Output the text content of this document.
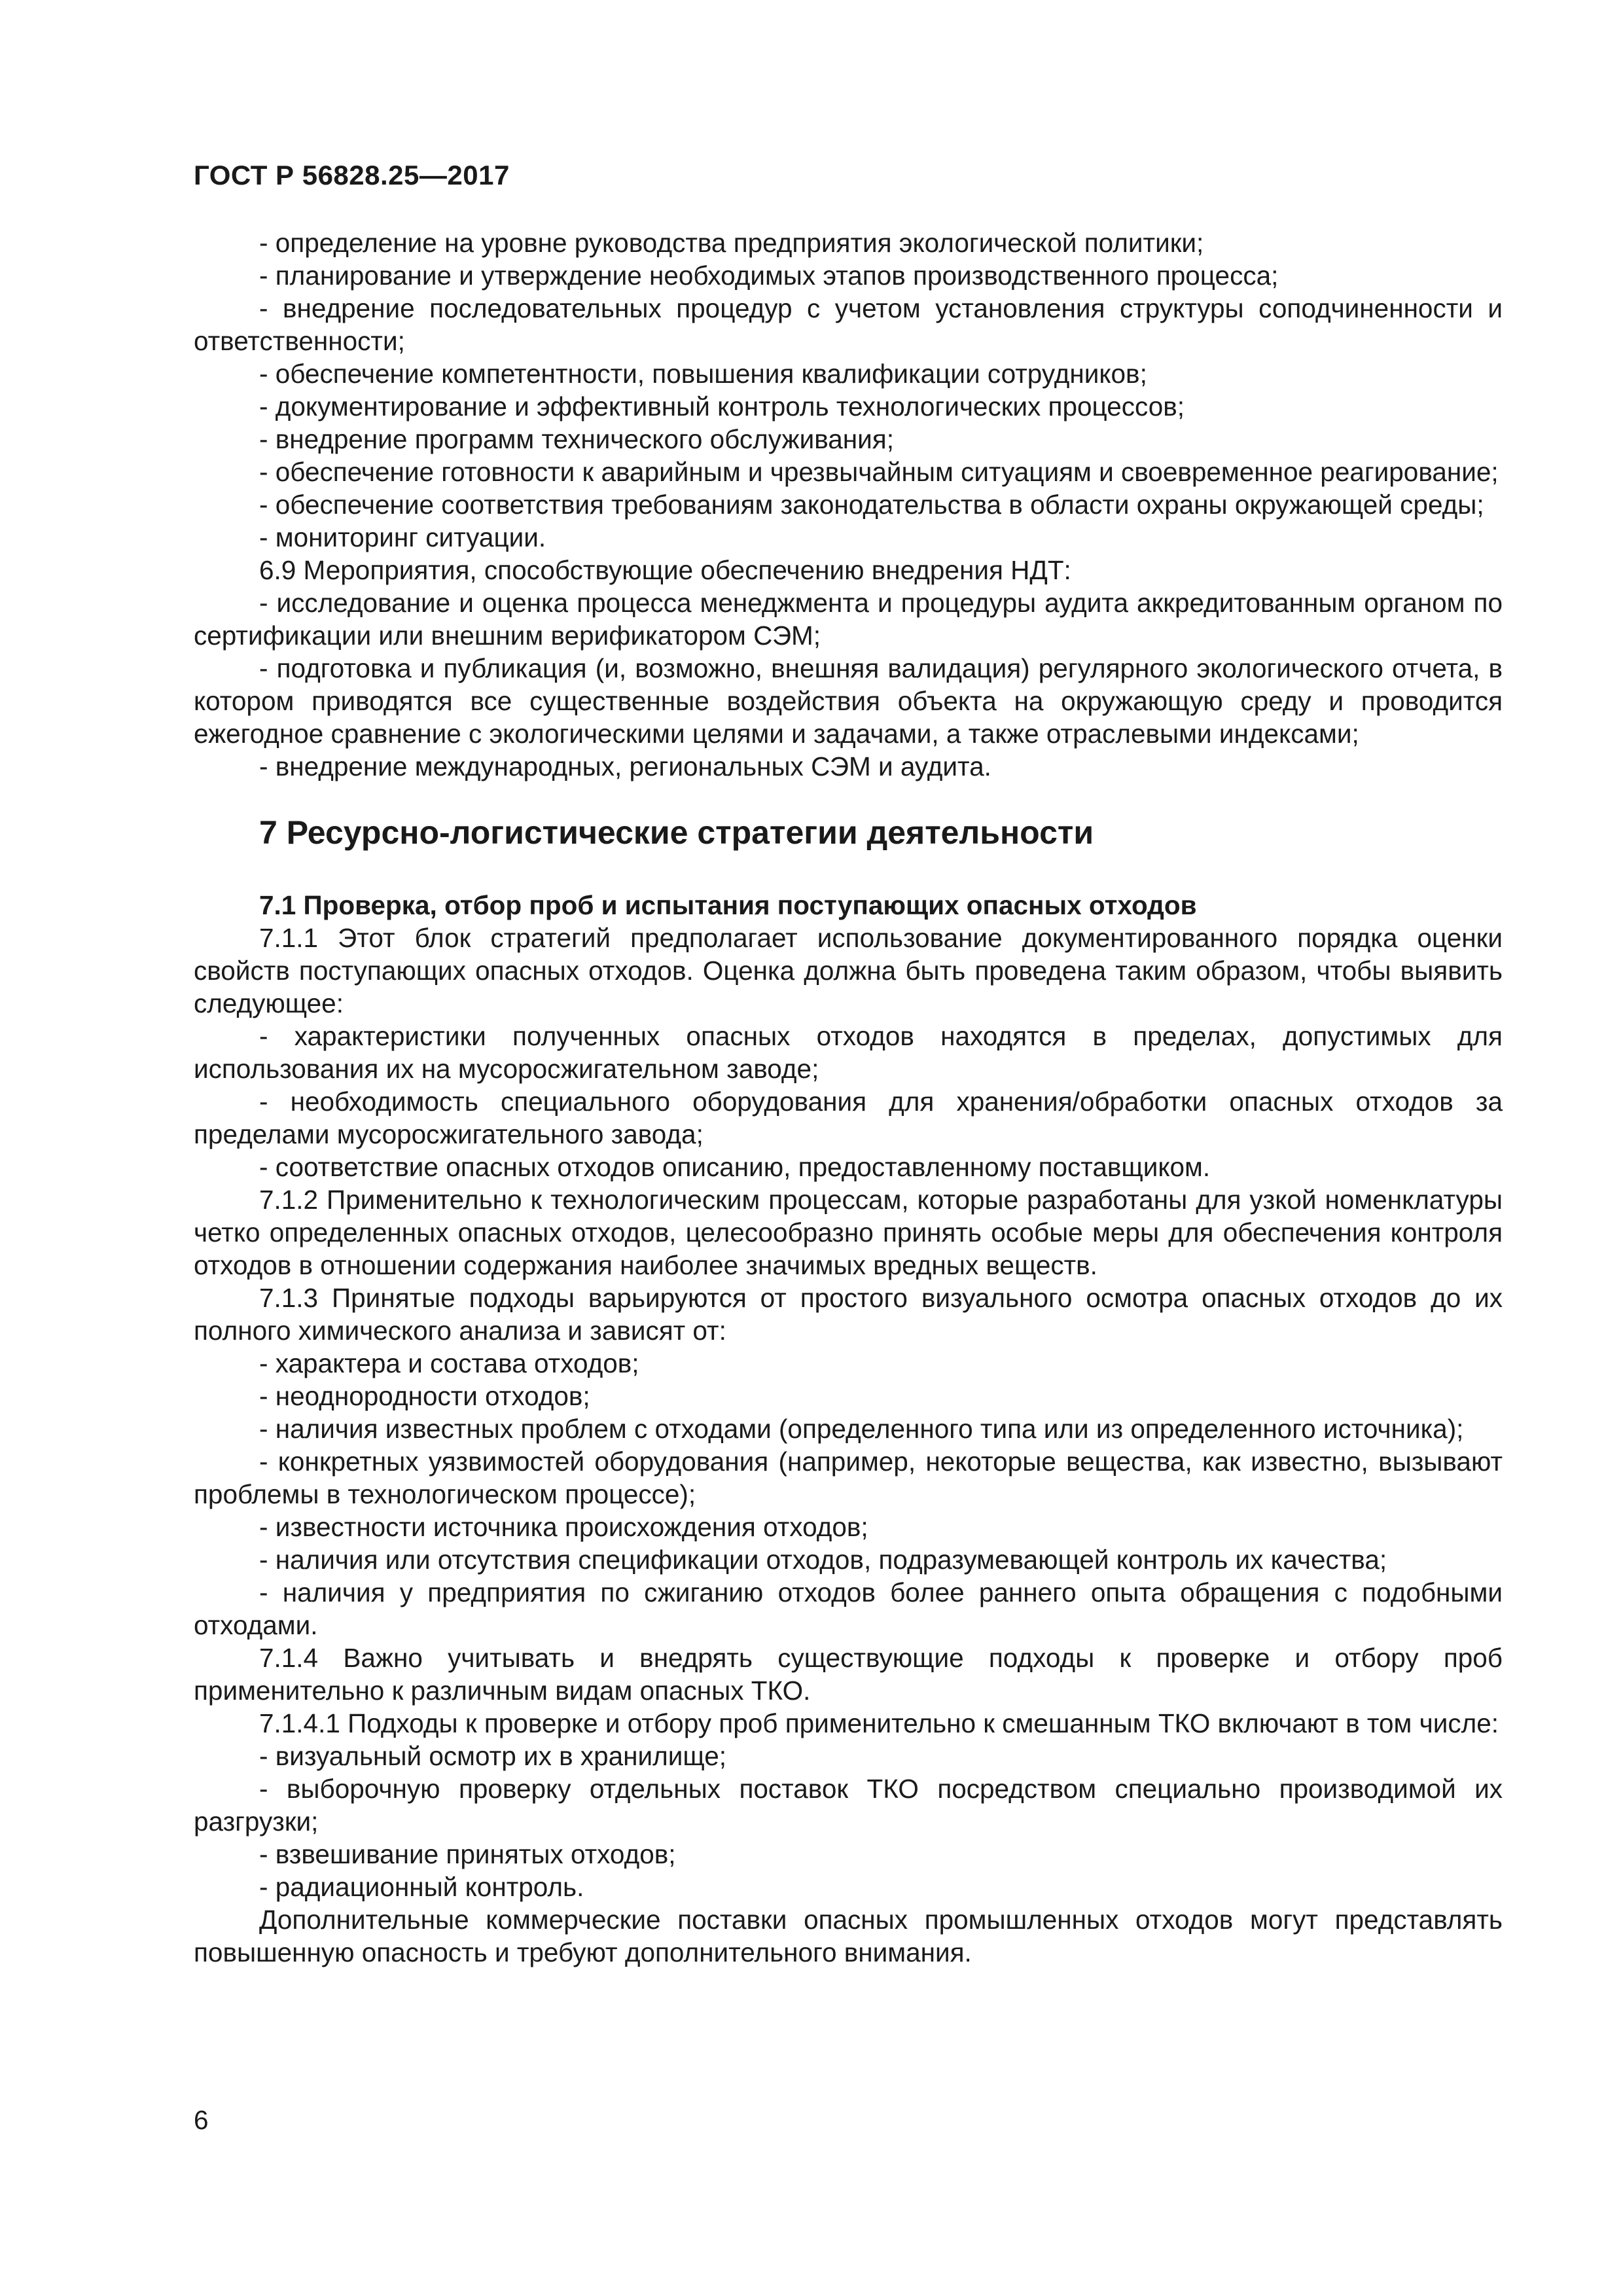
ГОСТ Р 56828.25—2017

- определение на уровне руководства предприятия экологической политики;

- планирование и утверждение необходимых этапов производственного процесса;

- внедрение последовательных процедур с учетом установления структуры соподчиненности и ответственности;

- обеспечение компетентности, повышения квалификации сотрудников;

- документирование и эффективный контроль технологических процессов;

- внедрение программ технического обслуживания;

- обеспечение готовности к аварийным и чрезвычайным ситуациям и своевременное реагирование;

- обеспечение соответствия требованиям законодательства в области охраны окружающей среды;

- мониторинг ситуации.

6.9 Мероприятия, способствующие обеспечению внедрения НДТ:

- исследование и оценка процесса менеджмента и процедуры аудита аккредитованным органом по сертификации или внешним верификатором СЭМ;

- подготовка и публикация (и, возможно, внешняя валидация) регулярного экологического отчета, в котором приводятся все существенные воздействия объекта на окружающую среду и проводится ежегодное сравнение с экологическими целями и задачами, а также отраслевыми индексами;

- внедрение международных, региональных СЭМ и аудита.

7 Ресурсно-логистические стратегии деятельности
7.1 Проверка, отбор проб и испытания поступающих опасных отходов

7.1.1 Этот блок стратегий предполагает использование документированного порядка оценки свойств поступающих опасных отходов. Оценка должна быть проведена таким образом, чтобы выявить следующее:

- характеристики полученных опасных отходов находятся в пределах, допустимых для использования их на мусоросжигательном заводе;

- необходимость специального оборудования для хранения/обработки опасных отходов за пределами мусоросжигательного завода;

- соответствие опасных отходов описанию, предоставленному поставщиком.

7.1.2 Применительно к технологическим процессам, которые разработаны для узкой номенклатуры четко определенных опасных отходов, целесообразно принять особые меры для обеспечения контроля отходов в отношении содержания наиболее значимых вредных веществ.

7.1.3 Принятые подходы варьируются от простого визуального осмотра опасных отходов до их полного химического анализа и зависят от:

- характера и состава отходов;

- неоднородности отходов;

- наличия известных проблем с отходами (определенного типа или из определенного источника);

- конкретных уязвимостей оборудования (например, некоторые вещества, как известно, вызывают проблемы в технологическом процессе);

- известности источника происхождения отходов;

- наличия или отсутствия спецификации отходов, подразумевающей контроль их качества;

- наличия у предприятия по сжиганию отходов более раннего опыта обращения с подобными отходами.

7.1.4 Важно учитывать и внедрять существующие подходы к проверке и отбору проб применительно к различным видам опасных ТКО.

7.1.4.1 Подходы к проверке и отбору проб применительно к смешанным ТКО включают в том числе:

- визуальный осмотр их в хранилище;

- выборочную проверку отдельных поставок ТКО посредством специально производимой их разгрузки;

- взвешивание принятых отходов;

- радиационный контроль.

Дополнительные коммерческие поставки опасных промышленных отходов могут представлять повышенную опасность и требуют дополнительного внимания.

6
